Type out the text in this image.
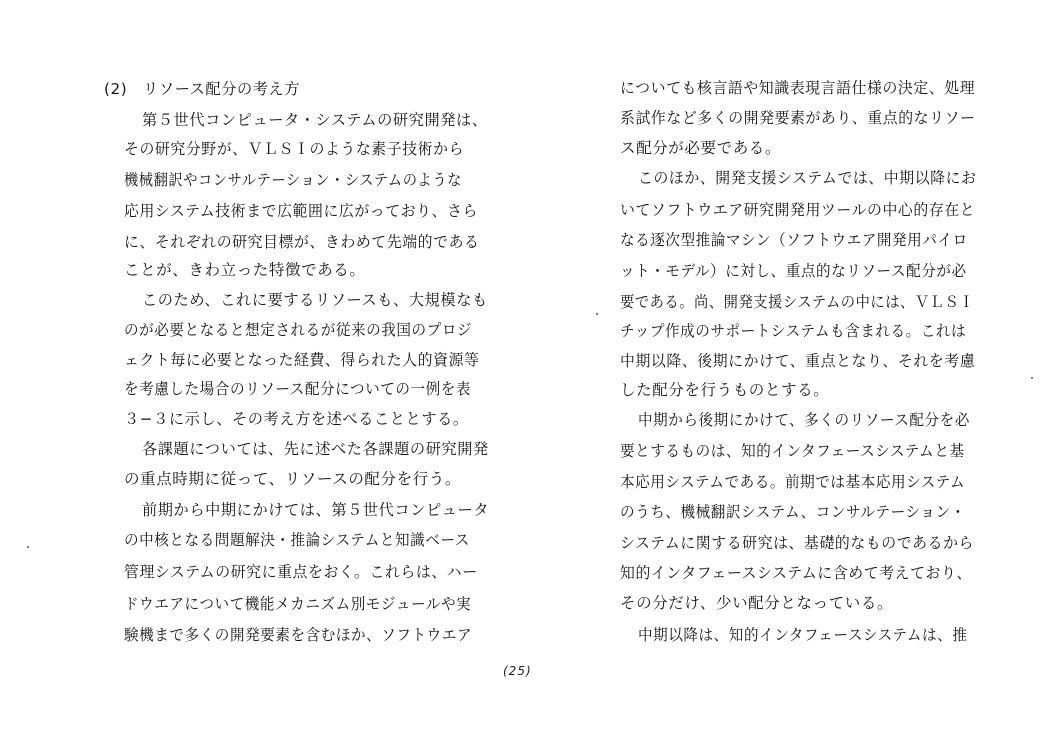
(2)　リソース配分の考え方
第５世代コンピュータ・システムの研究開発は、
その研究分野が、ＶＬＳＩのような素子技術から
機械翻訳やコンサルテーション・システムのような
応用システム技術まで広範囲に広がっており、さら
に、それぞれの研究目標が、きわめて先端的である
ことが、きわ立った特徴である。
このため、これに要するリソースも、大規模なも
のが必要となると想定されるが従来の我国のプロジ
ェクト毎に必要となった経費、得られた人的資源等
を考慮した場合のリソース配分についての一例を表
３−３に示し、その考え方を述べることとする。
各課題については、先に述べた各課題の研究開発
の重点時期に従って、リソースの配分を行う。
前期から中期にかけては、第５世代コンピュータ
の中核となる問題解決・推論システムと知識ベース
管理システムの研究に重点をおく。これらは、ハー
ドウエアについて機能メカニズム別モジュールや実
験機まで多くの開発要素を含むほか、ソフトウエア
についても核言語や知識表現言語仕様の決定、処理
系試作など多くの開発要素があり、重点的なリソー
ス配分が必要である。
このほか、開発支援システムでは、中期以降にお
いてソフトウエア研究開発用ツールの中心的存在と
なる逐次型推論マシン（ソフトウエア開発用パイロ
ット・モデル）に対し、重点的なリソース配分が必
要である。尚、開発支援システムの中には、ＶＬＳＩ
チップ作成のサポートシステムも含まれる。これは
中期以降、後期にかけて、重点となり、それを考慮
した配分を行うものとする。
中期から後期にかけて、多くのリソース配分を必
要とするものは、知的インタフェースシステムと基
本応用システムである。前期では基本応用システム
のうち、機械翻訳システム、コンサルテーション・
システムに関する研究は、基礎的なものであるから
知的インタフェースシステムに含めて考えており、
その分だけ、少い配分となっている。
中期以降は、知的インタフェースシステムは、推
(25)
